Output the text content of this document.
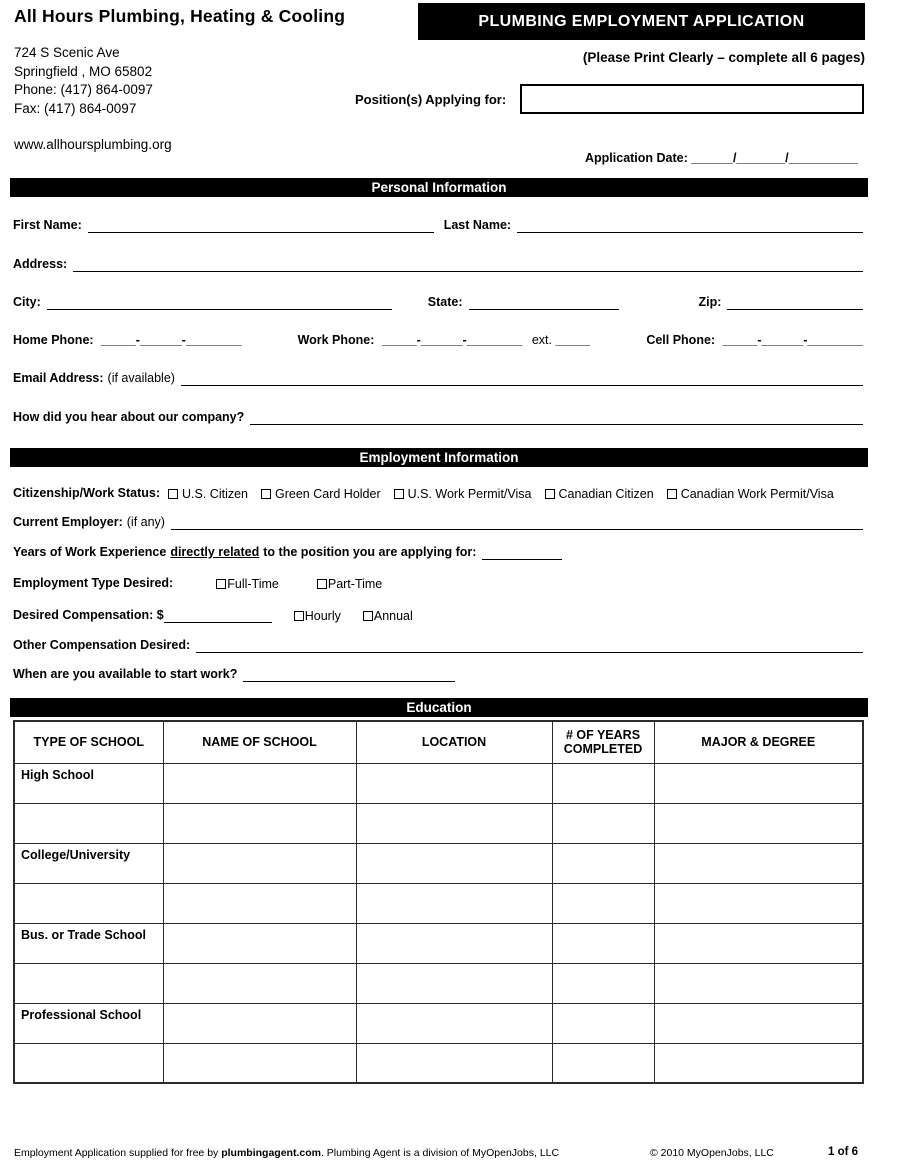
All Hours Plumbing, Heating & Cooling
724 S Scenic Ave
Springfield , MO 65802
Phone: (417) 864-0097
Fax: (417) 864-0097
www.allhoursplumbing.org
PLUMBING EMPLOYMENT APPLICATION
(Please Print Clearly – complete all 6 pages)
Position(s) Applying for:
Application Date: ______/_______/__________
Personal Information
First Name:	Last Name:
Address:
City:	State:	Zip:
Home Phone: _____-______-________	Work Phone: _____-______-________ ext. _____	Cell Phone: _____-______-________
Email Address: (if available)
How did you hear about our company?
Employment Information
Citizenship/Work Status: U.S. Citizen Green Card Holder U.S. Work Permit/Visa Canadian Citizen Canadian Work Permit/Visa
Current Employer: (if any)
Years of Work Experience directly related to the position you are applying for:
Employment Type Desired:	Full-Time	Part-Time
Desired Compensation: $	Hourly	Annual
Other Compensation Desired:
When are you available to start work?
Education
TYPE OF SCHOOL	NAME OF SCHOOL	LOCATION	# OF YEARS COMPLETED	MAJOR & DEGREE
High School				

College/University				

Bus. or Trade School				

Professional School				

Employment Application supplied for free by plumbingagent.com. Plumbing Agent is a division of MyOpenJobs, LLC	© 2010 MyOpenJobs, LLC	1 of 6
